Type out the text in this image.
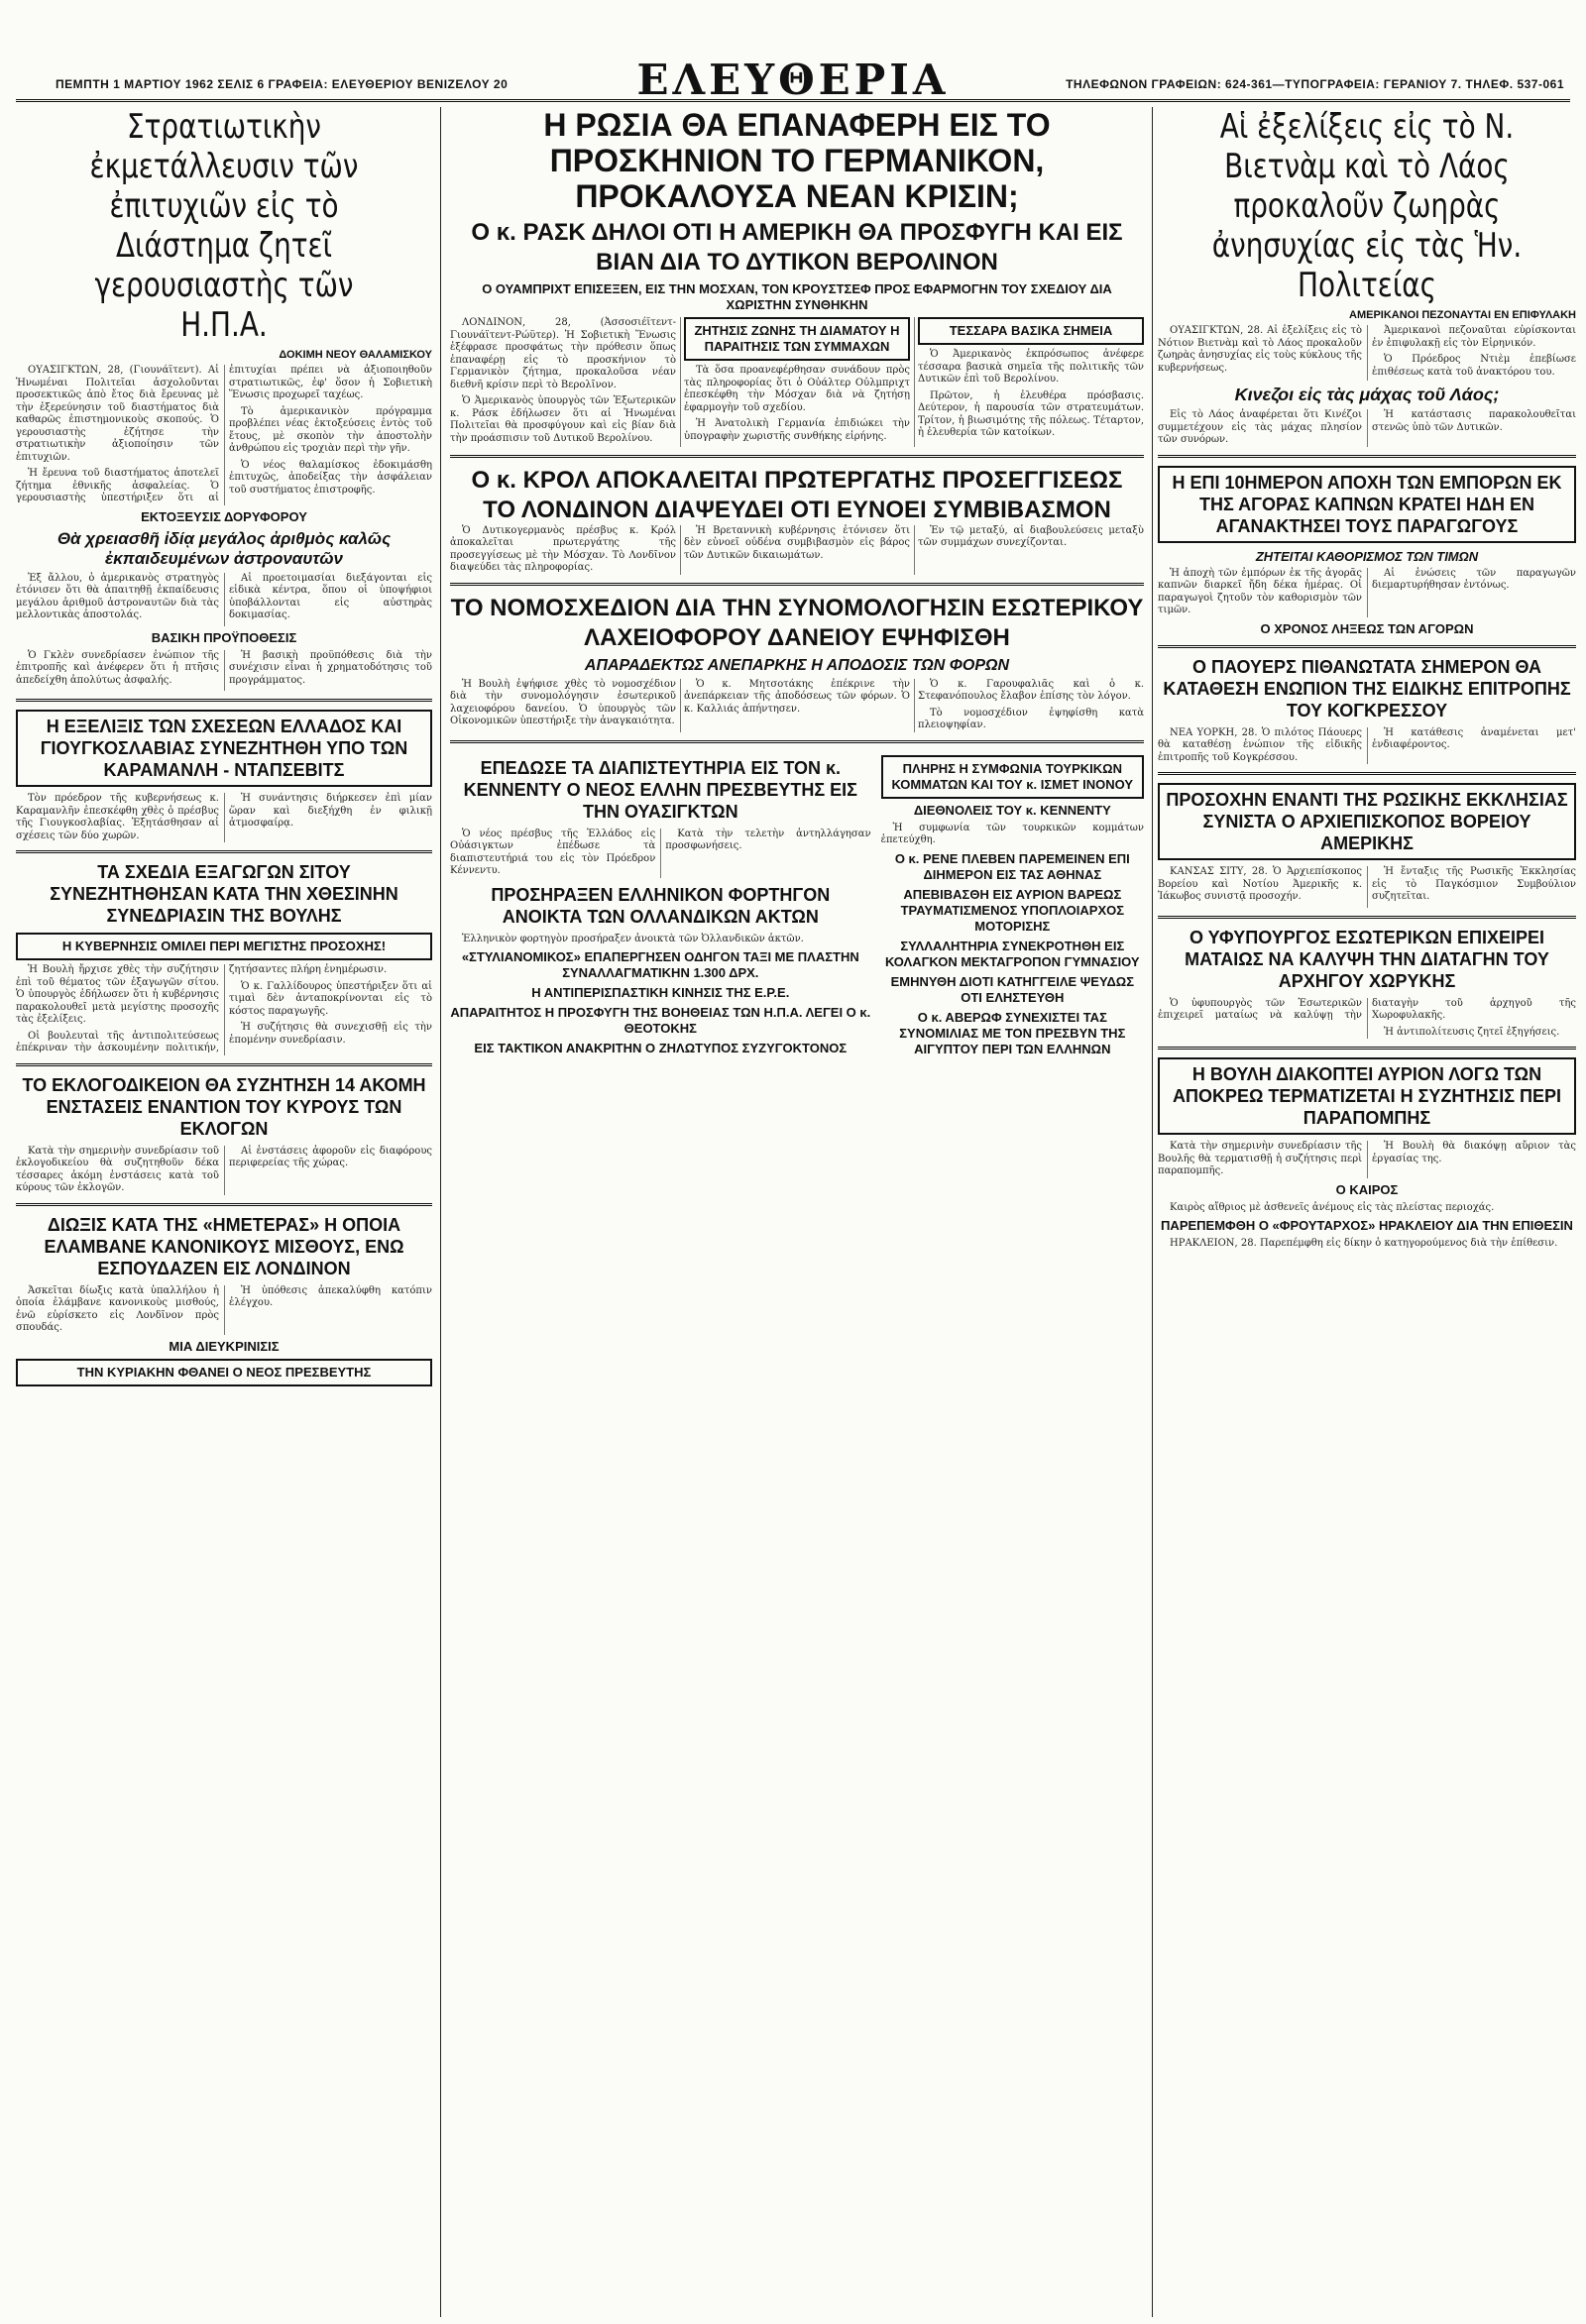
ΠΕΜΠΤΗ 1 ΜΑΡΤΙΟΥ 1962 ΣΕΛΙΣ 6 ΓΡΑΦΕΙΑ: ΕΛΕΥΘΕΡΙΟΥ ΒΕΝΙΖΕΛΟΥ 20	ΕΛΕΥΘΕΡΙΑ	ΤΗΛΕΦΩΝΟΝ ΓΡΑΦΕΙΩΝ: 624-361—ΤΥΠΟΓΡΑΦΕΙΑ: ΓΕΡΑΝΙΟΥ 7. ΤΗΛΕΦ. 537-061
Στρατιωτικὴν ἐκμετάλλευσιν τῶν ἐπιτυχιῶν εἰς τὸ Διάστημα ζητεῖ γερουσιαστὴς τῶν Η.Π.Α.
ΔΟΚΙΜΗ ΝΕΟΥ ΘΑΛΑΜΙΣΚΟΥ

ΟΥΑΣΙΓΚΤΩΝ, 28, (Γιουνάϊτεντ). Αἱ Ἡνωμέναι Πολιτεῖαι ἀσχολοῦνται προσεκτικῶς ἀπὸ ἔτος διὰ ἔρευνας μὲ τὴν ἐξερεύνησιν τοῦ διαστήματος διὰ καθαρῶς ἐπιστημονικοὺς σκοπούς. Ὁ γερουσιαστὴς ἐζήτησε τὴν στρατιωτικὴν ἀξιοποίησιν τῶν ἐπιτυχιῶν.

Ἡ ἔρευνα τοῦ διαστήματος ἀποτελεῖ ζήτημα ἐθνικῆς ἀσφαλείας. Ὁ γερουσιαστὴς ὑπεστήριξεν ὅτι αἱ ἐπιτυχίαι πρέπει νὰ ἀξιοποιηθοῦν στρατιωτικῶς, ἐφ' ὅσον ἡ Σοβιετικὴ Ἕνωσις προχωρεῖ ταχέως.

Τὸ ἀμερικανικὸν πρόγραμμα προβλέπει νέας ἐκτοξεύσεις ἐντὸς τοῦ ἔτους, μὲ σκοπὸν τὴν ἀποστολὴν ἀνθρώπου εἰς τροχιὰν περὶ τὴν γῆν.

Ὁ νέος θαλαμίσκος ἐδοκιμάσθη ἐπιτυχῶς, ἀποδείξας τὴν ἀσφάλειαν τοῦ συστήματος ἐπιστροφῆς.

ΕΚΤΟΞΕΥΣΙΣ ΔΟΡΥΦΟΡΟΥ
Θὰ χρειασθῆ ἰδίᾳ μεγάλος ἀριθμὸς καλῶς ἐκπαιδευμένων ἀστροναυτῶν

Ἐξ ἄλλου, ὁ ἀμερικανὸς στρατηγὸς ἐτόνισεν ὅτι θὰ ἀπαιτηθῇ ἐκπαίδευσις μεγάλου ἀριθμοῦ ἀστροναυτῶν διὰ τὰς μελλοντικὰς ἀποστολάς.

Αἱ προετοιμασίαι διεξάγονται εἰς εἰδικὰ κέντρα, ὅπου οἱ ὑποψήφιοι ὑποβάλλονται εἰς αὐστηρὰς δοκιμασίας.

ΒΑΣΙΚΗ ΠΡΟΫΠΟΘΕΣΙΣ

Ὁ Γκλὲν συνεδρίασεν ἐνώπιον τῆς ἐπιτροπῆς καὶ ἀνέφερεν ὅτι ἡ πτῆσις ἀπεδείχθη ἀπολύτως ἀσφαλής.

Ἡ βασικὴ προϋπόθεσις διὰ τὴν συνέχισιν εἶναι ἡ χρηματοδότησις τοῦ προγράμματος.

Η ΕΞΕΛΙΞΙΣ ΤΩΝ ΣΧΕΣΕΩΝ ΕΛΛΑΔΟΣ ΚΑΙ ΓΙΟΥΓΚΟΣΛΑΒΙΑΣ ΣΥΝΕΖΗΤΗΘΗ ΥΠΟ ΤΩΝ ΚΑΡΑΜΑΝΛΗ - ΝΤΑΠΣΕΒΙΤΣ

Τὸν πρόεδρον τῆς κυβερνήσεως κ. Καραμανλῆν ἐπεσκέφθη χθὲς ὁ πρέσβυς τῆς Γιουγκοσλαβίας. Ἐξητάσθησαν αἱ σχέσεις τῶν δύο χωρῶν.

Ἡ συνάντησις διήρκεσεν ἐπὶ μίαν ὥραν καὶ διεξήχθη ἐν φιλικῇ ἀτμοσφαίρᾳ.

ΤΑ ΣΧΕΔΙΑ ΕΞΑΓΩΓΩΝ ΣΙΤΟΥ ΣΥΝΕΖΗΤΗΘΗΣΑΝ ΚΑΤΑ ΤΗΝ ΧΘΕΣΙΝΗΝ ΣΥΝΕΔΡΙΑΣΙΝ ΤΗΣ ΒΟΥΛΗΣ
Η ΚΥΒΕΡΝΗΣΙΣ ΟΜΙΛΕΙ ΠΕΡΙ ΜΕΓΙΣΤΗΣ ΠΡΟΣΟΧΗΣ!

Ἡ Βουλὴ ἤρχισε χθὲς τὴν συζήτησιν ἐπὶ τοῦ θέματος τῶν ἐξαγωγῶν σίτου. Ὁ ὑπουργὸς ἐδήλωσεν ὅτι ἡ κυβέρνησις παρακολουθεῖ μετὰ μεγίστης προσοχῆς τὰς ἐξελίξεις.

Οἱ βουλευταὶ τῆς ἀντιπολιτεύσεως ἐπέκριναν τὴν ἀσκουμένην πολιτικήν, ζητήσαντες πλήρη ἐνημέρωσιν.

Ὁ κ. Γαλλίδουρος ὑπεστήριξεν ὅτι αἱ τιμαὶ δὲν ἀνταποκρίνονται εἰς τὸ κόστος παραγωγῆς.

Ἡ συζήτησις θὰ συνεχισθῇ εἰς τὴν ἑπομένην συνεδρίασιν.

ΤΟ ΕΚΛΟΓΟΔΙΚΕΙΟΝ ΘΑ ΣΥΖΗΤΗΣΗ 14 ΑΚΟΜΗ ΕΝΣΤΑΣΕΙΣ ΕΝΑΝΤΙΟΝ ΤΟΥ ΚΥΡΟΥΣ ΤΩΝ ΕΚΛΟΓΩΝ

Κατὰ τὴν σημερινὴν συνεδρίασιν τοῦ ἐκλογοδικείου θὰ συζητηθοῦν δέκα τέσσαρες ἀκόμη ἐνστάσεις κατὰ τοῦ κύρους τῶν ἐκλογῶν.

Αἱ ἐνστάσεις ἀφοροῦν εἰς διαφόρους περιφερείας τῆς χώρας.

ΔΙΩΞΙΣ ΚΑΤΑ ΤΗΣ «ΗΜΕΤΕΡΑΣ» Η ΟΠΟΙΑ ΕΛΑΜΒΑΝΕ ΚΑΝΟΝΙΚΟΥΣ ΜΙΣΘΟΥΣ, ΕΝΩ ΕΣΠΟΥΔΑΖΕΝ ΕΙΣ ΛΟΝΔΙΝΟΝ

Ἀσκεῖται δίωξις κατὰ ὑπαλλήλου ἡ ὁποία ἐλάμβανε κανονικοὺς μισθούς, ἐνῶ εὑρίσκετο εἰς Λονδῖνον πρὸς σπουδάς.

Ἡ ὑπόθεσις ἀπεκαλύφθη κατόπιν ἐλέγχου.

ΜΙΑ ΔΙΕΥΚΡΙΝΙΣΙΣ
ΤΗΝ ΚΥΡΙΑΚΗΝ ΦΘΑΝΕΙ Ο ΝΕΟΣ ΠΡΕΣΒΕΥΤΗΣ
Η ΡΩΣΙΑ ΘΑ ΕΠΑΝΑΦΕΡΗ ΕΙΣ ΤΟ ΠΡΟΣΚΗΝΙΟΝ ΤΟ ΓΕΡΜΑΝΙΚΟΝ, ΠΡΟΚΑΛΟΥΣΑ ΝΕΑΝ ΚΡΙΣΙΝ;
Ο κ. ΡΑΣΚ ΔΗΛΟΙ ΟΤΙ Η ΑΜΕΡΙΚΗ ΘΑ ΠΡΟΣΦΥΓΗ ΚΑΙ ΕΙΣ ΒΙΑΝ ΔΙΑ ΤΟ ΔΥΤΙΚΟΝ ΒΕΡΟΛΙΝΟΝ
Ο ΟΥΑΜΠΡΙΧΤ ΕΠΙΣΕΞΕΝ, ΕΙΣ ΤΗΝ ΜΟΣΧΑΝ, ΤΟΝ ΚΡΟΥΣΤΣΕΦ ΠΡΟΣ ΕΦΑΡΜΟΓΗΝ ΤΟΥ ΣΧΕΔΙΟΥ ΔΙΑ ΧΩΡΙΣΤΗΝ ΣΥΝΘΗΚΗΝ

ΛΟΝΔΙΝΟΝ, 28, (Ἀσσοσιέϊτεντ-Γιουνάϊτεντ-Ρώϋτερ). Ἡ Σοβιετικὴ Ἕνωσις ἐξέφρασε προσφάτως τὴν πρόθεσιν ὅπως ἐπαναφέρῃ εἰς τὸ προσκήνιον τὸ Γερμανικὸν ζήτημα, προκαλοῦσα νέαν διεθνῆ κρίσιν περὶ τὸ Βερολῖνον.

Ὁ Ἀμερικανὸς ὑπουργὸς τῶν Ἐξωτερικῶν κ. Ράσκ ἐδήλωσεν ὅτι αἱ Ἡνωμέναι Πολιτεῖαι θὰ προσφύγουν καὶ εἰς βίαν διὰ τὴν προάσπισιν τοῦ Δυτικοῦ Βερολίνου.

ΖΗΤΗΣΙΣ ΖΩΝΗΣ ΤΗ ΔΙΑΜΑΤΟΥ Η ΠΑΡΑΙΤΗΣΙΣ ΤΩΝ ΣΥΜΜΑΧΩΝ

Τὰ ὅσα προανεφέρθησαν συνάδουν πρὸς τὰς πληροφορίας ὅτι ὁ Οὐάλτερ Οὐλμπριχτ ἐπεσκέφθη τὴν Μόσχαν διὰ νὰ ζητήσῃ ἐφαρμογὴν τοῦ σχεδίου.

Ἡ Ἀνατολικὴ Γερμανία ἐπιδιώκει τὴν ὑπογραφὴν χωριστῆς συνθήκης εἰρήνης.

ΤΕΣΣΑΡΑ ΒΑΣΙΚΑ ΣΗΜΕΙΑ

Ὁ Ἀμερικανὸς ἐκπρόσωπος ἀνέφερε τέσσαρα βασικὰ σημεῖα τῆς πολιτικῆς τῶν Δυτικῶν ἐπὶ τοῦ Βερολίνου.

Πρῶτον, ἡ ἐλευθέρα πρόσβασις. Δεύτερον, ἡ παρουσία τῶν στρατευμάτων. Τρίτον, ἡ βιωσιμότης τῆς πόλεως. Τέταρτον, ἡ ἐλευθερία τῶν κατοίκων.

Ο κ. ΚΡΟΛ ΑΠΟΚΑΛΕΙΤΑΙ ΠΡΩΤΕΡΓΑΤΗΣ ΠΡΟΣΕΓΓΙΣΕΩΣ
ΤΟ ΛΟΝΔΙΝΟΝ ΔΙΑΨΕΥΔΕΙ ΟΤΙ ΕΥΝΟΕΙ ΣΥΜΒΙΒΑΣΜΟΝ

Ὁ Δυτικογερμανὸς πρέσβυς κ. Κρόλ ἀποκαλεῖται πρωτεργάτης τῆς προσεγγίσεως μὲ τὴν Μόσχαν. Τὸ Λονδῖνον διαψεύδει τὰς πληροφορίας.

Ἡ Βρεταννικὴ κυβέρνησις ἐτόνισεν ὅτι δὲν εὐνοεῖ οὐδένα συμβιβασμὸν εἰς βάρος τῶν Δυτικῶν δικαιωμάτων.

Ἐν τῷ μεταξύ, αἱ διαβουλεύσεις μεταξὺ τῶν συμμάχων συνεχίζονται.

ΤΟ ΝΟΜΟΣΧΕΔΙΟΝ ΔΙΑ ΤΗΝ ΣΥΝΟΜΟΛΟΓΗΣΙΝ ΕΣΩΤΕΡΙΚΟΥ ΛΑΧΕΙΟΦΟΡΟΥ ΔΑΝΕΙΟΥ ΕΨΗΦΙΣΘΗ
ΑΠΑΡΑΔΕΚΤΩΣ ΑΝΕΠΑΡΚΗΣ Η ΑΠΟΔΟΣΙΣ ΤΩΝ ΦΟΡΩΝ

Ἡ Βουλὴ ἐψήφισε χθὲς τὸ νομοσχέδιον διὰ τὴν συνομολόγησιν ἐσωτερικοῦ λαχειοφόρου δανείου. Ὁ ὑπουργὸς τῶν Οἰκονομικῶν ὑπεστήριξε τὴν ἀναγκαιότητα.

Ὁ κ. Μητσοτάκης ἐπέκρινε τὴν ἀνεπάρκειαν τῆς ἀποδόσεως τῶν φόρων. Ὁ κ. Καλλιάς ἀπήντησεν.

Ὁ κ. Γαρουφαλιᾶς καὶ ὁ κ. Στεφανόπουλος ἔλαβον ἐπίσης τὸν λόγον.

Τὸ νομοσχέδιον ἐψηφίσθη κατὰ πλειοψηφίαν.

ΕΠΕΔΩΣΕ ΤΑ ΔΙΑΠΙΣΤΕΥΤΗΡΙΑ ΕΙΣ ΤΟΝ κ. ΚΕΝΝΕΝΤΥ Ο ΝΕΟΣ ΕΛΛΗΝ ΠΡΕΣΒΕΥΤΗΣ ΕΙΣ ΤΗΝ ΟΥΑΣΙΓΚΤΩΝ

Ὁ νέος πρέσβυς τῆς Ἑλλάδος εἰς Οὐάσιγκτων ἐπέδωσε τὰ διαπιστευτήριά του εἰς τὸν Πρόεδρον Κέννεντυ.

Κατὰ τὴν τελετὴν ἀντηλλάγησαν προσφωνήσεις.

ΠΡΟΣΗΡΑΞΕΝ ΕΛΛΗΝΙΚΟΝ ΦΟΡΤΗΓΟΝ ΑΝΟΙΚΤΑ ΤΩΝ ΟΛΛΑΝΔΙΚΩΝ ΑΚΤΩΝ

Ἑλληνικὸν φορτηγὸν προσήραξεν ἀνοικτὰ τῶν Ὀλλανδικῶν ἀκτῶν.

«ΣΤΥΛΙΑΝΟΜΙΚΟΣ» ΕΠΑΠΕΡΓΗΣΕΝ ΟΔΗΓΟΝ ΤΑΞΙ ΜΕ ΠΛΑΣΤΗΝ ΣΥΝΑΛΛΑΓΜΑΤΙΚΗΝ 1.300 ΔΡΧ.
Η ΑΝΤΙΠΕΡΙΣΠΑΣΤΙΚΗ ΚΙΝΗΣΙΣ ΤΗΣ Ε.Ρ.Ε.
ΑΠΑΡΑΙΤΗΤΟΣ Η ΠΡΟΣΦΥΓΗ ΤΗΣ ΒΟΗΘΕΙΑΣ ΤΩΝ Η.Π.Α. ΛΕΓΕΙ Ο κ. ΘΕΟΤΟΚΗΣ
ΕΙΣ ΤΑΚΤΙΚΟΝ ΑΝΑΚΡΙΤΗΝ Ο ΖΗΛΩΤΥΠΟΣ ΣΥΖΥΓΟΚΤΟΝΟΣ
ΠΛΗΡΗΣ Η ΣΥΜΦΩΝΙΑ ΤΟΥΡΚΙΚΩΝ ΚΟΜΜΑΤΩΝ ΚΑΙ ΤΟΥ κ. ΙΣΜΕΤ ΙΝΟΝΟΥ
ΔΙΕΘΝΟΛΕΙΣ ΤΟΥ κ. ΚΕΝΝΕΝΤΥ

Ἡ συμφωνία τῶν τουρκικῶν κομμάτων ἐπετεύχθη.

Ο κ. ΡΕΝΕ ΠΛΕΒΕΝ ΠΑΡΕΜΕΙΝΕΝ ΕΠΙ ΔΙΗΜΕΡΟΝ ΕΙΣ ΤΑΣ ΑΘΗΝΑΣ
ΑΠΕΒΙΒΑΣΘΗ ΕΙΣ ΑΥΡΙΟΝ ΒΑΡΕΩΣ ΤΡΑΥΜΑΤΙΣΜΕΝΟΣ ΥΠΟΠΛΟΙΑΡΧΟΣ ΜΟΤΟΡΙΣΗΣ
ΣΥΛΛΑΛΗΤΗΡΙΑ ΣΥΝΕΚΡΟΤΗΘΗ ΕΙΣ ΚΟΛΑΓΚΟΝ ΜΕΚΤΑΓΡΟΠΟΝ ΓΥΜΝΑΣΙΟΥ
ΕΜΗΝΥΘΗ ΔΙΟΤΙ ΚΑΤΗΓΓΕΙΛΕ ΨΕΥΔΩΣ ΟΤΙ ΕΛΗΣΤΕΥΘΗ
Ο κ. ΑΒΕΡΩΦ ΣΥΝΕΧΙΣΤΕΙ ΤΑΣ ΣΥΝΟΜΙΛΙΑΣ ΜΕ ΤΟΝ ΠΡΕΣΒΥΝ ΤΗΣ ΑΙΓΥΠΤΟΥ ΠΕΡΙ ΤΩΝ ΕΛΛΗΝΩΝ
Αἱ ἐξελίξεις εἰς τὸ Ν. Βιετνὰμ καὶ τὸ Λάος προκαλοῦν ζωηρὰς ἀνησυχίας εἰς τὰς Ἡν. Πολιτείας
ΑΜΕΡΙΚΑΝΟΙ ΠΕΖΟΝΑΥΤΑΙ ΕΝ ΕΠΙΦΥΛΑΚΗ

ΟΥΑΣΙΓΚΤΩΝ, 28. Αἱ ἐξελίξεις εἰς τὸ Νότιον Βιετνὰμ καὶ τὸ Λάος προκαλοῦν ζωηρὰς ἀνησυχίας εἰς τοὺς κύκλους τῆς κυβερνήσεως.

Ἀμερικανοὶ πεζοναῦται εὑρίσκονται ἐν ἐπιφυλακῇ εἰς τὸν Εἰρηνικόν.

Ὁ Πρόεδρος Ντιὲμ ἐπεβίωσε ἐπιθέσεως κατὰ τοῦ ἀνακτόρου του.

Κινεζοι εἰς τὰς μάχας τοῦ Λάος;

Εἰς τὸ Λάος ἀναφέρεται ὅτι Κινέζοι συμμετέχουν εἰς τὰς μάχας πλησίον τῶν συνόρων.

Ἡ κατάστασις παρακολουθεῖται στενῶς ὑπὸ τῶν Δυτικῶν.

Η ΕΠΙ 10ΗΜΕΡΟΝ ΑΠΟΧΗ ΤΩΝ ΕΜΠΟΡΩΝ ΕΚ ΤΗΣ ΑΓΟΡΑΣ ΚΑΠΝΩΝ ΚΡΑΤΕΙ ΗΔΗ ΕΝ ΑΓΑΝΑΚΤΗΣΕΙ ΤΟΥΣ ΠΑΡΑΓΩΓΟΥΣ
ΖΗΤΕΙΤΑΙ ΚΑΘΟΡΙΣΜΟΣ ΤΩΝ ΤΙΜΩΝ

Ἡ ἀποχὴ τῶν ἐμπόρων ἐκ τῆς ἀγορᾶς καπνῶν διαρκεῖ ἤδη δέκα ἡμέρας. Οἱ παραγωγοὶ ζητοῦν τὸν καθορισμὸν τῶν τιμῶν.

Αἱ ἑνώσεις τῶν παραγωγῶν διεμαρτυρήθησαν ἐντόνως.

Ο ΧΡΟΝΟΣ ΛΗΞΕΩΣ ΤΩΝ ΑΓΟΡΩΝ
Ο ΠΑΟΥΕΡΣ ΠΙΘΑΝΩΤΑΤΑ ΣΗΜΕΡΟΝ ΘΑ ΚΑΤΑΘΕΣΗ ΕΝΩΠΙΟΝ ΤΗΣ ΕΙΔΙΚΗΣ ΕΠΙΤΡΟΠΗΣ ΤΟΥ ΚΟΓΚΡΕΣΣΟΥ

ΝΕΑ ΥΟΡΚΗ, 28. Ὁ πιλότος Πάουερς θὰ καταθέσῃ ἐνώπιον τῆς εἰδικῆς ἐπιτροπῆς τοῦ Κογκρέσσου.

Ἡ κατάθεσις ἀναμένεται μετ' ἐνδιαφέροντος.

ΠΡΟΣΟΧΗΝ ΕΝΑΝΤΙ ΤΗΣ ΡΩΣΙΚΗΣ ΕΚΚΛΗΣΙΑΣ ΣΥΝΙΣΤΑ Ο ΑΡΧΙΕΠΙΣΚΟΠΟΣ ΒΟΡΕΙΟΥ ΑΜΕΡΙΚΗΣ

ΚΑΝΣΑΣ ΣΙΤΥ, 28. Ὁ Ἀρχιεπίσκοπος Βορείου καὶ Νοτίου Ἀμερικῆς κ. Ἰάκωβος συνιστᾷ προσοχήν.

Ἡ ἔνταξις τῆς Ρωσικῆς Ἐκκλησίας εἰς τὸ Παγκόσμιον Συμβούλιον συζητεῖται.

Ο ΥΦΥΠΟΥΡΓΟΣ ΕΣΩΤΕΡΙΚΩΝ ΕΠΙΧΕΙΡΕΙ ΜΑΤΑΙΩΣ ΝΑ ΚΑΛΥΨΗ ΤΗΝ ΔΙΑΤΑΓΗΝ ΤΟΥ ΑΡΧΗΓΟΥ ΧΩΡΥΚΗΣ

Ὁ ὑφυπουργὸς τῶν Ἐσωτερικῶν ἐπιχειρεῖ ματαίως νὰ καλύψῃ τὴν διαταγὴν τοῦ ἀρχηγοῦ τῆς Χωροφυλακῆς.

Ἡ ἀντιπολίτευσις ζητεῖ ἐξηγήσεις.

Η ΒΟΥΛΗ ΔΙΑΚΟΠΤΕΙ ΑΥΡΙΟΝ ΛΟΓΩ ΤΩΝ ΑΠΟΚΡΕΩ ΤΕΡΜΑΤΙΖΕΤΑΙ Η ΣΥΖΗΤΗΣΙΣ ΠΕΡΙ ΠΑΡΑΠΟΜΠΗΣ

Κατὰ τὴν σημερινὴν συνεδρίασιν τῆς Βουλῆς θὰ τερματισθῇ ἡ συζήτησις περὶ παραπομπῆς.

Ἡ Βουλὴ θὰ διακόψῃ αὔριον τὰς ἐργασίας της.

Ο ΚΑΙΡΟΣ

Καιρὸς αἴθριος μὲ ἀσθενεῖς ἀνέμους εἰς τὰς πλείστας περιοχάς.

ΠΑΡΕΠΕΜΦΘΗ Ο «ΦΡΟΥΤΑΡΧΟΣ» ΗΡΑΚΛΕΙΟΥ ΔΙΑ ΤΗΝ ΕΠΙΘΕΣΙΝ

ΗΡΑΚΛΕΙΟΝ, 28. Παρεπέμφθη εἰς δίκην ὁ κατηγορούμενος διὰ τὴν ἐπίθεσιν.
